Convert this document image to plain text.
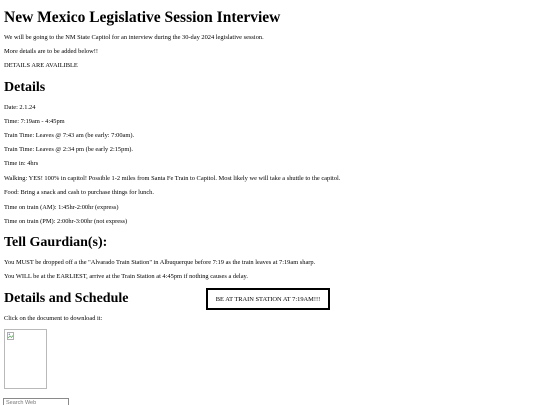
New Mexico Legislative Session Interview

We will be going to the NM State Capitol for an interview during the 30-day 2024 legislative session.

More details are to be added below!!

DETAILS ARE AVAILIBLE

Details

Date: 2.1.24

Time: 7:19am - 4:45pm

Train Time: Leaves @ 7:43 am (be early: 7:00am).

Train Time: Leaves @ 2:34 pm (be early 2:15pm).

Time in: 4hrs

Walking: YES! 100% in capitol! Possible 1-2 miles from Santa Fe Train to Capitol. Most likely we will take a shuttle to the capitol.

Food: Bring a snack and cash to purchase things for lunch.

Time on train (AM): 1:45hr-2:00hr (express)

Time on train (PM): 2:00hr-3:00hr (not express)

Tell Gaurdian(s):

You MUST be dropped off a the "Alvarado Train Station" in Albuquerque before 7:19 as the train leaves at 7:19am sharp.

You WILL be at the EARLIEST, arrive at the Train Station at 4:45pm if nothing causes a delay.

Details and Schedule	BE AT TRAIN STATION AT 7:19AM!!!

Click on the document to download it:

Search Web
